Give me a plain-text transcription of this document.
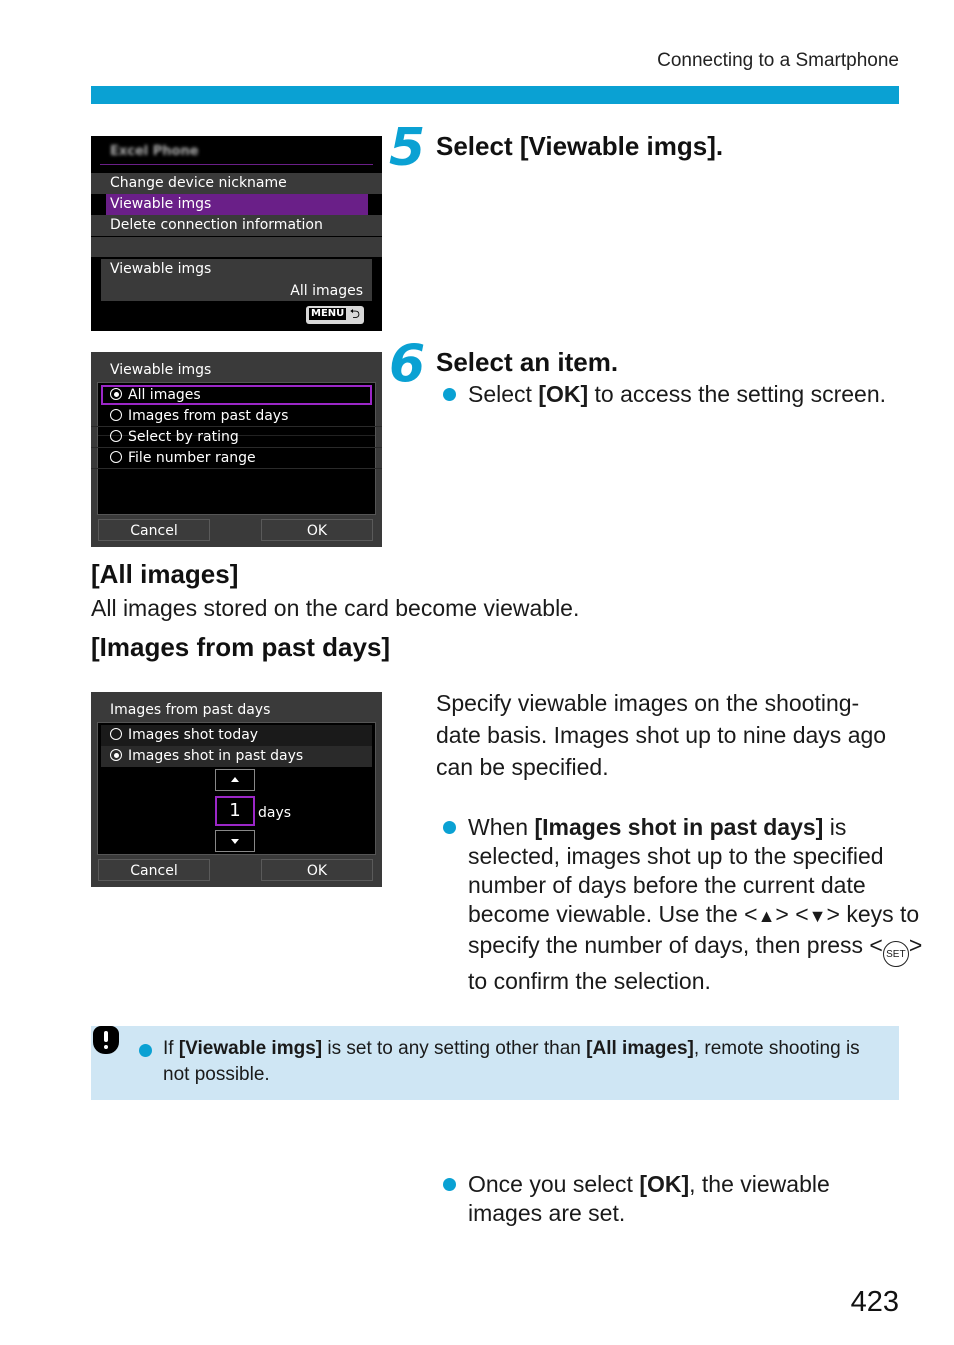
Connecting to a Smartphone
Excel Phone
Change device nickname
Viewable imgs
Delete connection information
Viewable imgs
All images
MENU ⮌
5 Select [Viewable imgs].
Viewable imgs
All images
Images from past days
Select by rating
File number range
Cancel	OK
6 Select an item.
Select [OK] to access the setting screen.
[All images]
All images stored on the card become viewable.
[Images from past days]
Images from past days
Images shot today
Images shot in past days
1	days
Cancel	OK
Specify viewable images on the shooting-date basis. Images shot up to nine days ago can be specified.
When [Images shot in past days] is selected, images shot up to the specified number of days before the current date become viewable. Use the <▲> <▼> keys to specify the number of days, then press < SET > to confirm the selection.
Once you select [OK], the viewable images are set.
If [Viewable imgs] is set to any setting other than [All images], remote shooting is not possible.
423
